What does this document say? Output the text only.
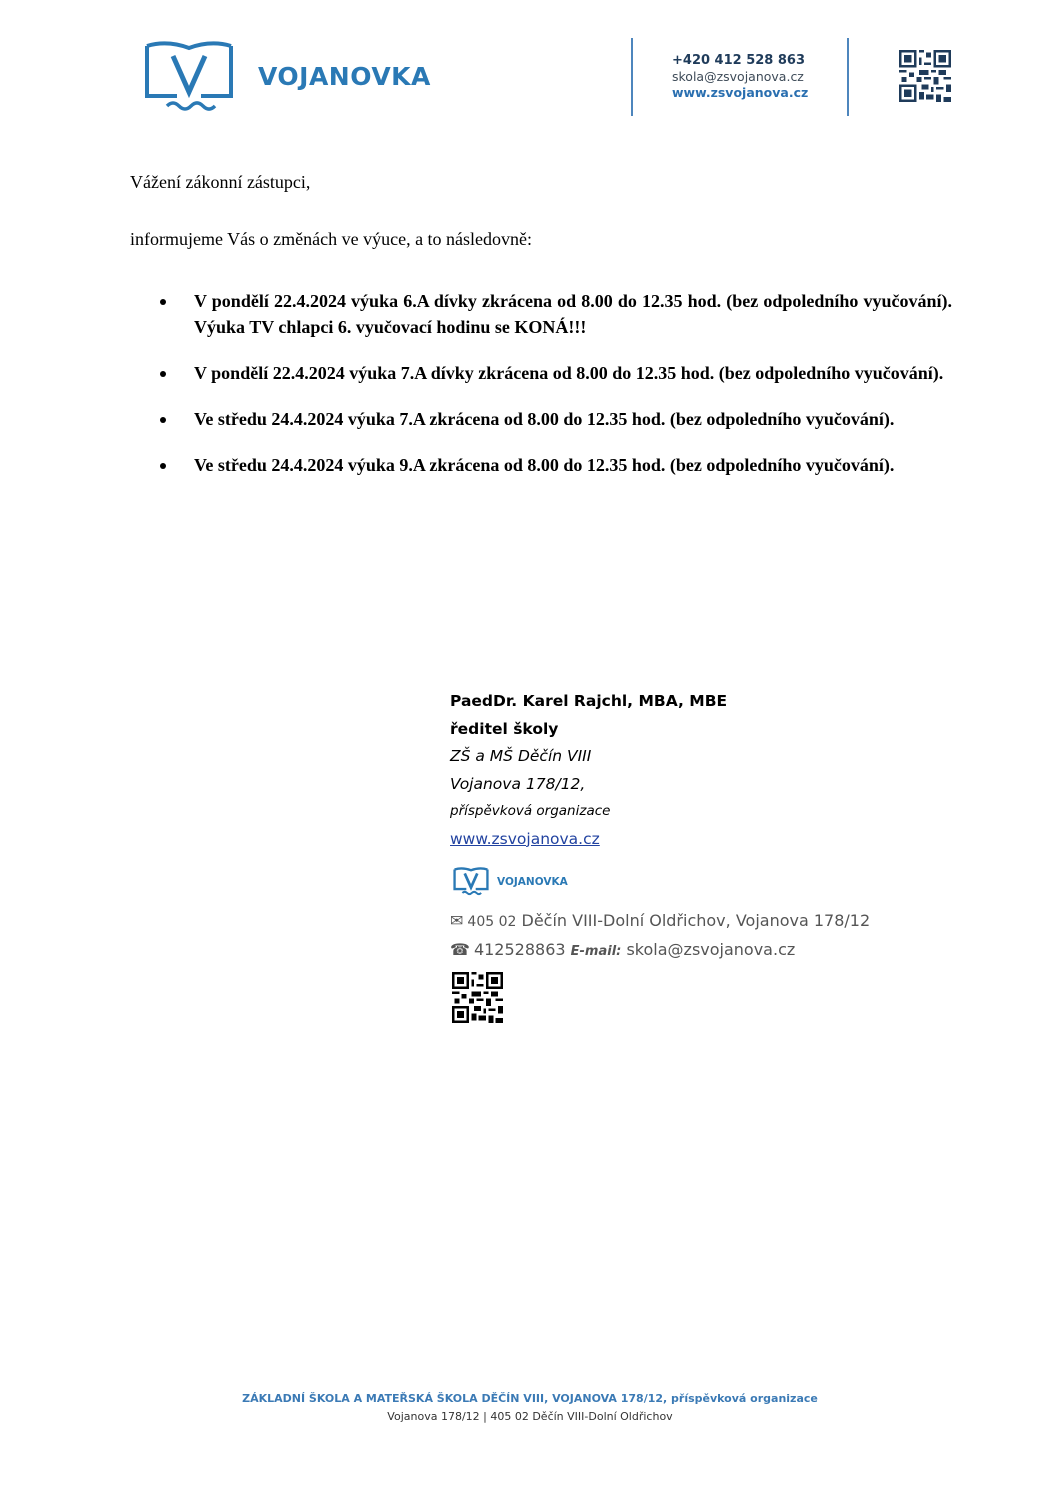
VOJANOVKA
+420 412 528 863
skola@zsvojanova.cz
www.zsvojanova.cz
Vážení zákonní zástupci,
informujeme Vás o změnách ve výuce, a to následovně:
V pondělí 22.4.2024 výuka 6.A dívky zkrácena od 8.00 do 12.35 hod. (bez odpoledního vyučování). Výuka TV chlapci 6. vyučovací hodinu se KONÁ!!!
V pondělí 22.4.2024 výuka 7.A dívky zkrácena od 8.00 do 12.35 hod. (bez odpoledního vyučování).
Ve středu 24.4.2024 výuka 7.A zkrácena od 8.00 do 12.35 hod. (bez odpoledního vyučování).
Ve středu 24.4.2024 výuka 9.A zkrácena od 8.00 do 12.35 hod. (bez odpoledního vyučování).
PaedDr. Karel Rajchl, MBA, MBE
ředitel školy
ZŠ a MŠ Děčín VIII
Vojanova 178/12,
příspěvková organizace
www.zsvojanova.cz
VOJANOVKA
✉ 405 02 Děčín VIII-Dolní Oldřichov, Vojanova 178/12
☎ 412528863 E-mail: skola@zsvojanova.cz
ZÁKLADNÍ ŠKOLA A MATEŘSKÁ ŠKOLA DĚČÍN VIII, VOJANOVA 178/12, příspěvková organizace
Vojanova 178/12 | 405 02 Děčín VIII-Dolní Oldřichov
